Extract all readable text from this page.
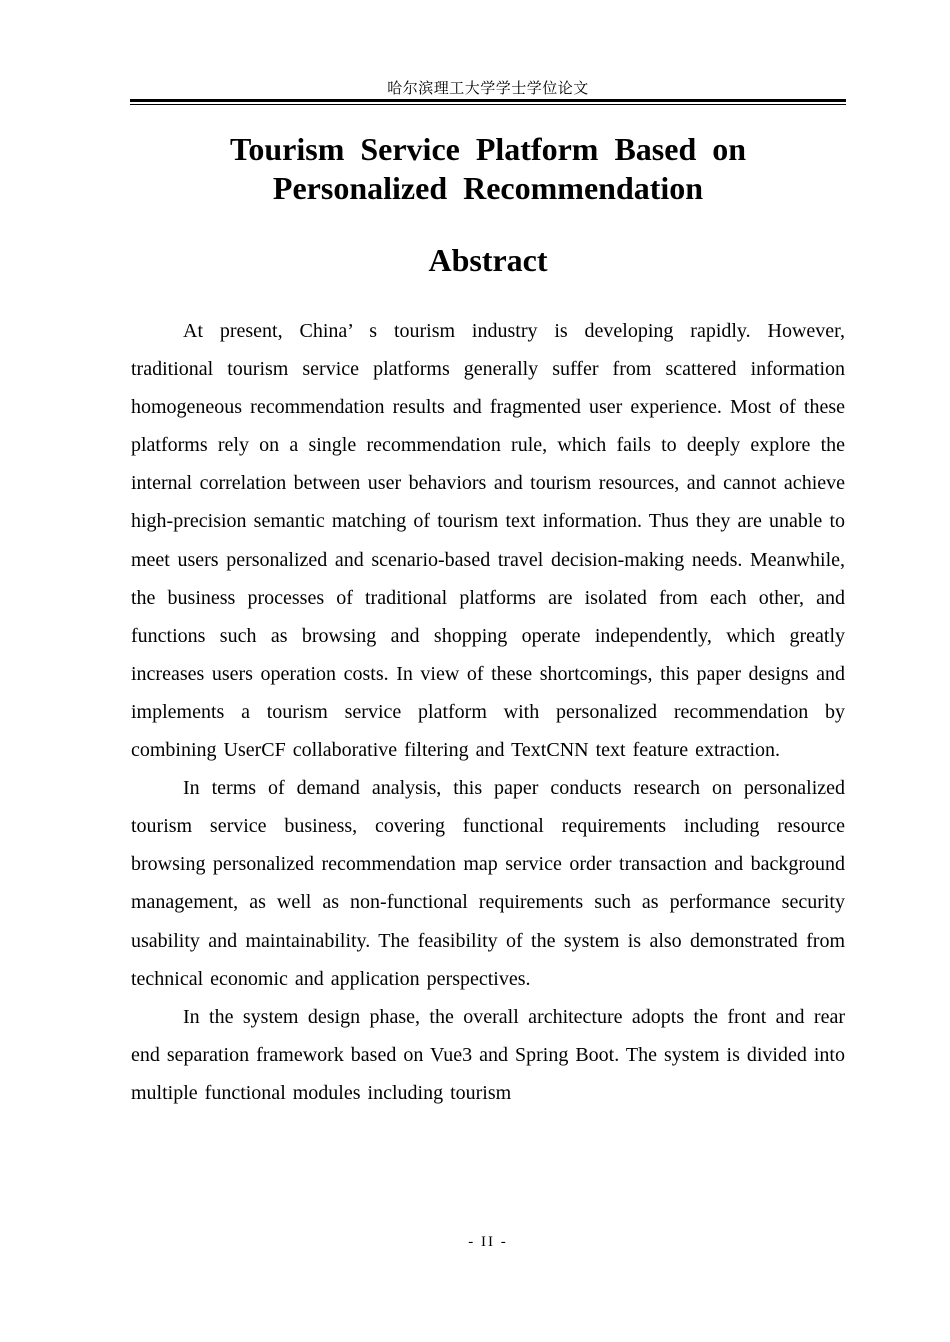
哈尔滨理工大学学士学位论文
Tourism Service Platform Based on
Personalized Recommendation
Abstract

At present, China’ s tourism industry is developing rapidly. However, traditional tourism service platforms generally suffer from scattered information homogeneous recommendation results and fragmented user experience. Most of these platforms rely on a single recommendation rule, which fails to deeply explore the internal correlation between user behaviors and tourism resources, and cannot achieve high-precision semantic matching of tourism text information. Thus they are unable to meet users personalized and scenario-based travel decision-making needs. Meanwhile, the business processes of traditional platforms are isolated from each other, and functions such as browsing and shopping operate independently, which greatly increases users operation costs. In view of these shortcomings, this paper designs and implements a tourism service platform with personalized recommendation by combining UserCF collaborative filtering and TextCNN text feature extraction.

In terms of demand analysis, this paper conducts research on personalized tourism service business, covering functional requirements including resource browsing personalized recommendation map service order transaction and background management, as well as non-functional requirements such as performance security usability and maintainability. The feasibility of the system is also demonstrated from technical economic and application perspectives.

In the system design phase, the overall architecture adopts the front and rear end separation framework based on Vue3 and Spring Boot. The system is divided into multiple functional modules including tourism

- II -
